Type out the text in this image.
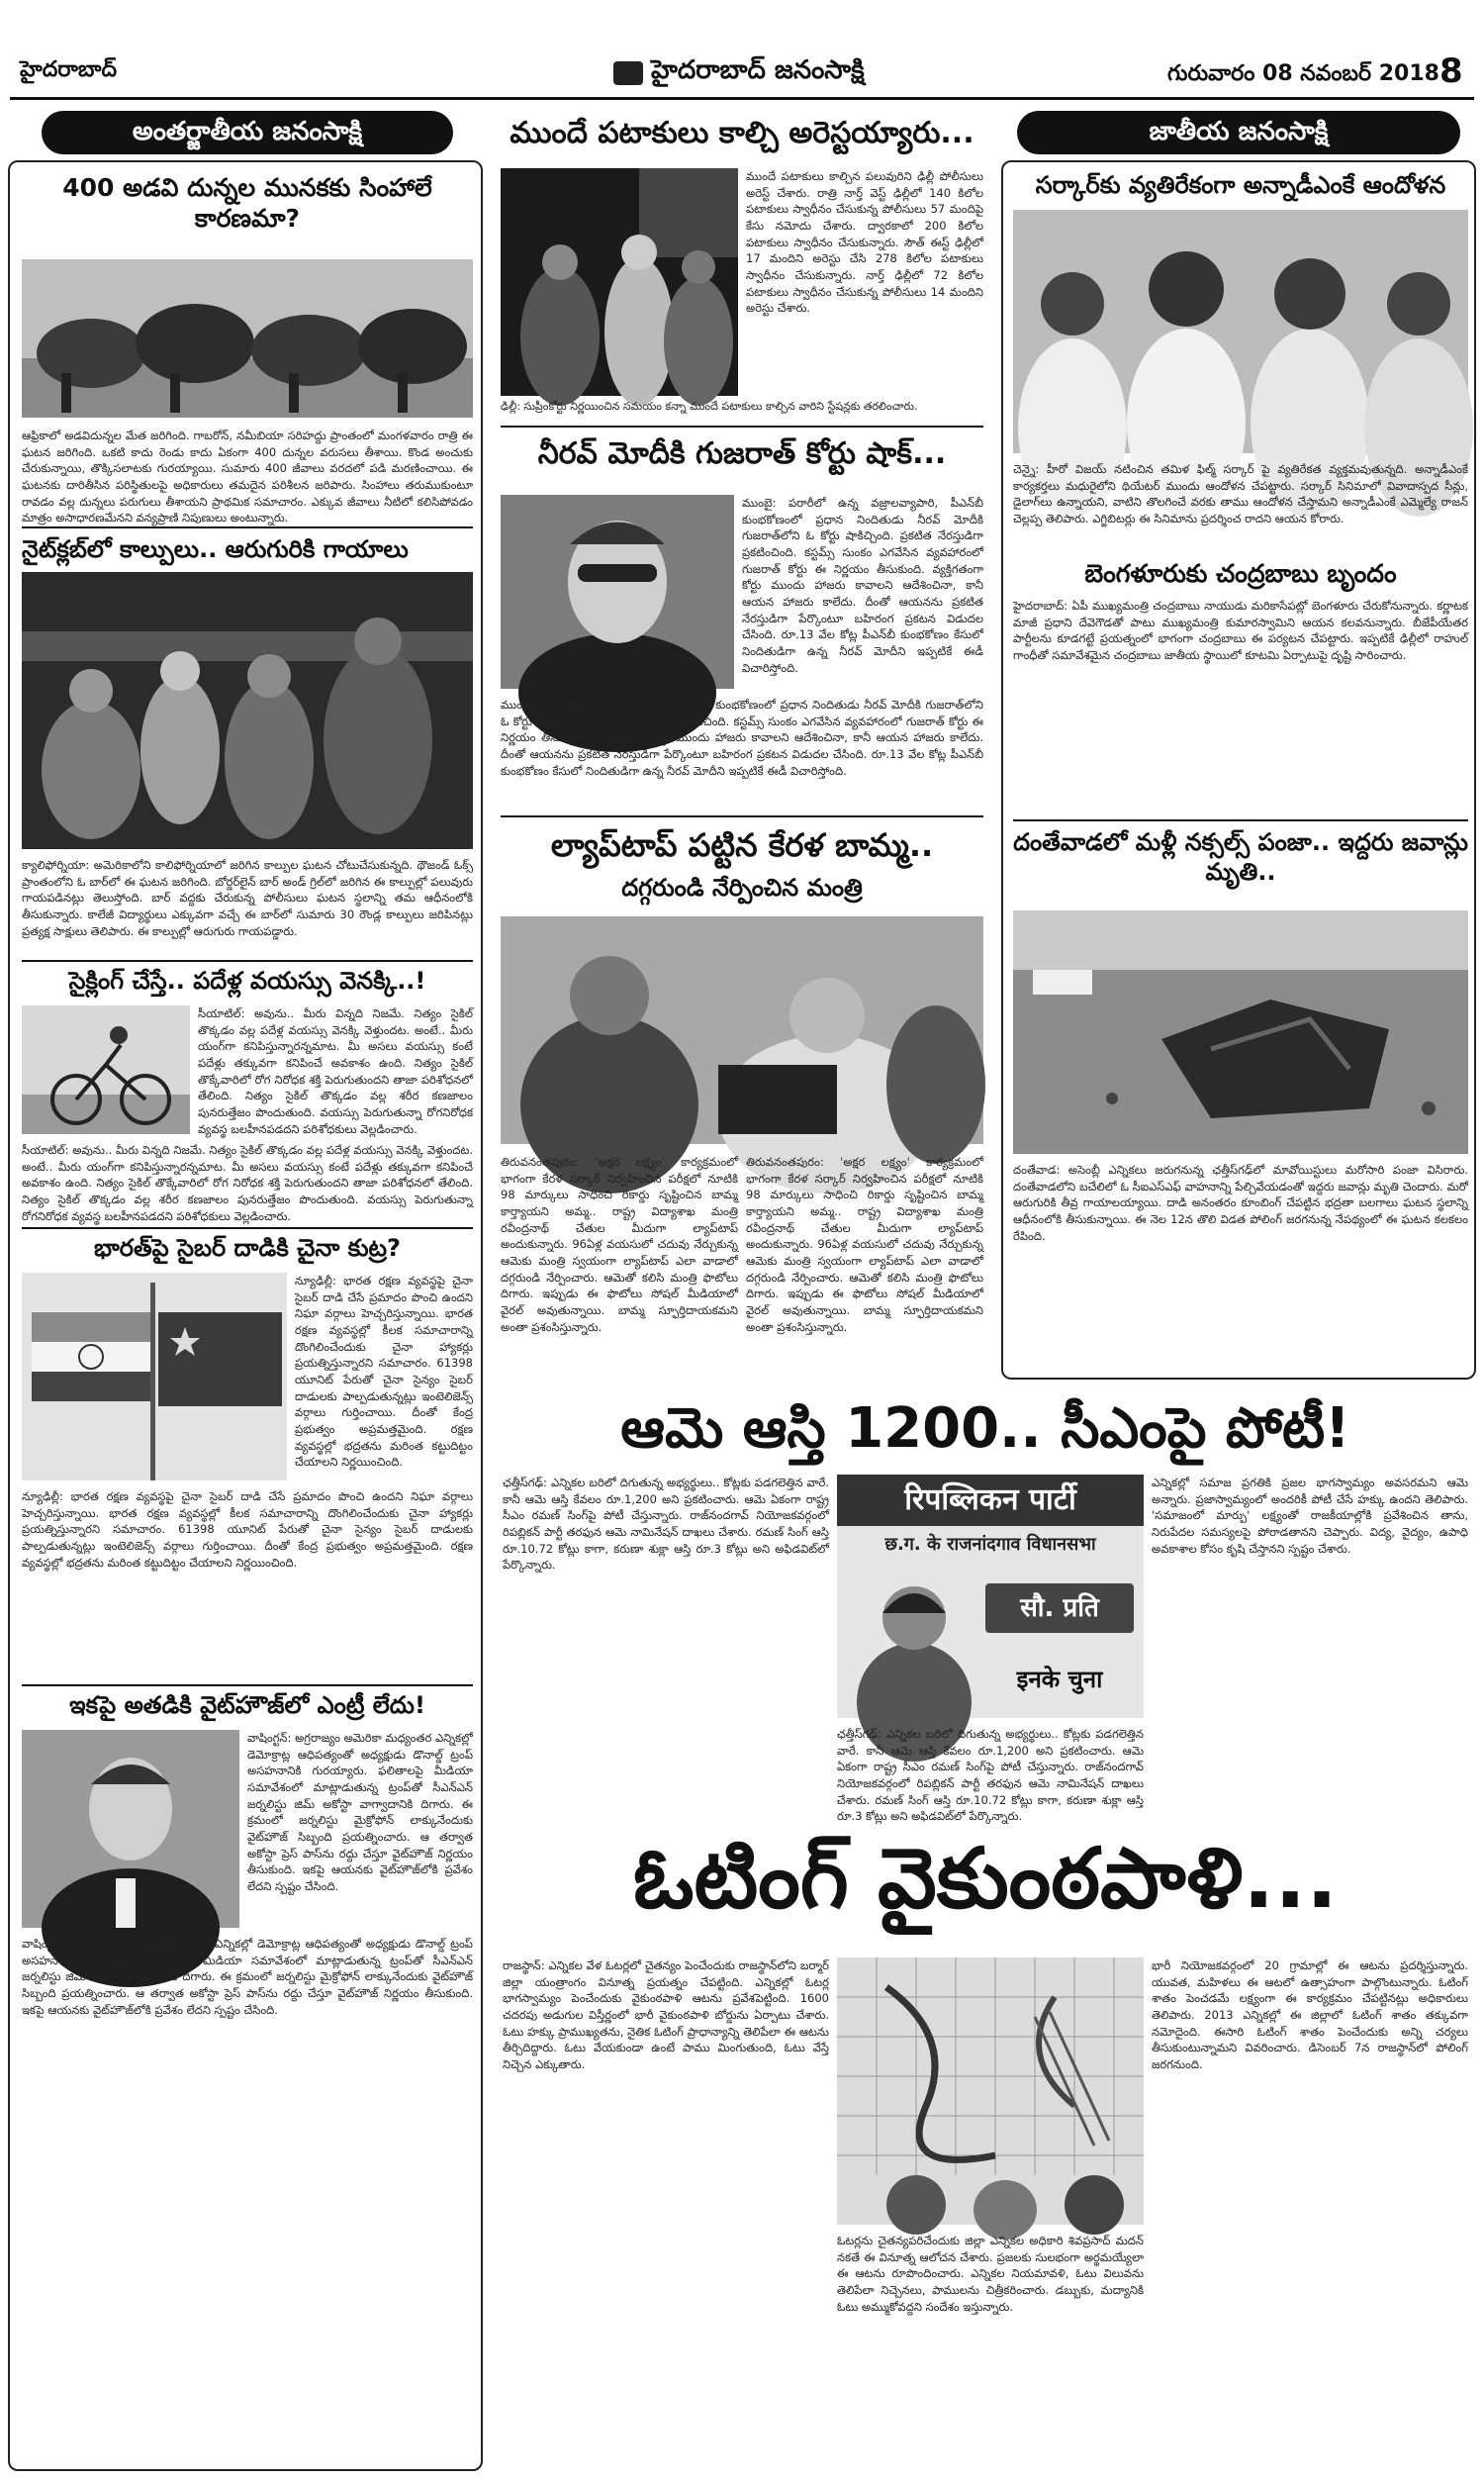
హైదరాబాద్	హైదరాబాద్ జనంసాక్షి	గురువారం 08 నవంబర్ 2018 8
అంతర్జాతీయ జనంసాక్షి
400 అడవి దున్నల మునకకు సింహాలే కారణమా?
ఆఫ్రికాలో అడవిదున్నల మేత జరిగింది. గాబరోన్, నమీబియా సరిహద్దు ప్రాంతంలో మంగళవారం రాత్రి ఈ ఘటన జరిగింది. ఒకటి కాదు రెండు కాదు ఏకంగా 400 దున్నల వరుసలు తీశాయి. కొండ అంచుకు చేరుకున్నాయి, తొక్కిసలాటకు గురయ్యాయి. సుమారు 400 జీవాలు వరదలో పడి మరణించాయి. ఈ ఘటనకు దారితీసిన పరిస్థితులపై అధికారులు తమదైన పరిశీలన జరిపారు. సింహాలు తరుముకుంటూ రావడం వల్ల దున్నలు పరుగులు తీశాయని ప్రాథమిక సమాచారం. ఎక్కువ జీవాలు నీటిలో కలిసిపోవడం మాత్రం అసాధారణమేనని వన్యప్రాణి నిపుణులు అంటున్నారు.
నైట్‌క్లబ్‌లో కాల్పులు.. ఆరుగురికి గాయాలు
క్యాలిఫోర్నియా: అమెరికాలోని కాలిఫోర్నియాలో జరిగిన కాల్పుల ఘటన చోటుచేసుకున్నది. థౌజండ్ ఓక్స్ ప్రాంతంలోని ఓ బార్‌లో ఈ ఘటన జరిగింది. బోర్డర్‌లైన్ బార్ అండ్ గ్రిల్‌లో జరిగిన ఈ కాల్పుల్లో పలువురు గాయపడినట్లు తెలుస్తోంది. బార్ వద్దకు చేరుకున్న పోలీసులు ఘటన స్థలాన్ని తమ ఆధీనంలోకి తీసుకున్నారు. కాలేజీ విద్యార్థులు ఎక్కువగా వచ్చే ఈ బార్‌లో సుమారు 30 రౌండ్ల కాల్పులు జరిపినట్లు ప్రత్యక్ష సాక్షులు తెలిపారు. ఈ కాల్పుల్లో ఆరుగురు గాయపడ్డారు.
సైక్లింగ్ చేస్తే.. పదేళ్ల వయస్సు వెనక్కి..!
సీయాటిల్: అవును.. మీరు విన్నది నిజమే. నిత్యం సైకిల్ తొక్కడం వల్ల పదేళ్ల వయస్సు వెనక్కి వెళ్తుందట. అంటే.. మీరు యంగ్‌గా కనిపిస్తున్నారన్నమాట. మీ అసలు వయస్సు కంటే పదేళ్లు తక్కువగా కనిపించే అవకాశం ఉంది. నిత్యం సైకిల్ తొక్కేవారిలో రోగ నిరోధక శక్తి పెరుగుతుందని తాజా పరిశోధనలో తేలింది. నిత్యం సైకిల్ తొక్కడం వల్ల శరీర కణజాలం పునరుత్తేజం పొందుతుంది. వయస్సు పెరుగుతున్నా రోగనిరోధక వ్యవస్థ బలహీనపడదని పరిశోధకులు వెల్లడించారు.
సీయాటిల్: అవును.. మీరు విన్నది నిజమే. నిత్యం సైకిల్ తొక్కడం వల్ల పదేళ్ల వయస్సు వెనక్కి వెళ్తుందట. అంటే.. మీరు యంగ్‌గా కనిపిస్తున్నారన్నమాట. మీ అసలు వయస్సు కంటే పదేళ్లు తక్కువగా కనిపించే అవకాశం ఉంది. నిత్యం సైకిల్ తొక్కేవారిలో రోగ నిరోధక శక్తి పెరుగుతుందని తాజా పరిశోధనలో తేలింది. నిత్యం సైకిల్ తొక్కడం వల్ల శరీర కణజాలం పునరుత్తేజం పొందుతుంది. వయస్సు పెరుగుతున్నా రోగనిరోధక వ్యవస్థ బలహీనపడదని పరిశోధకులు వెల్లడించారు.
భారత్‌పై సైబర్ దాడికి చైనా కుట్ర?
న్యూఢిల్లీ: భారత రక్షణ వ్యవస్థపై చైనా సైబర్ దాడి చేసే ప్రమాదం పొంచి ఉందని నిఘా వర్గాలు హెచ్చరిస్తున్నాయి. భారత రక్షణ వ్యవస్థల్లో కీలక సమాచారాన్ని దొంగిలించేందుకు చైనా హ్యాకర్లు ప్రయత్నిస్తున్నారని సమాచారం. 61398 యూనిట్ పేరుతో చైనా సైన్యం సైబర్ దాడులకు పాల్పడుతున్నట్లు ఇంటెలిజెన్స్ వర్గాలు గుర్తించాయి. దీంతో కేంద్ర ప్రభుత్వం అప్రమత్తమైంది. రక్షణ వ్యవస్థల్లో భద్రతను మరింత కట్టుదిట్టం చేయాలని నిర్ణయించింది.
న్యూఢిల్లీ: భారత రక్షణ వ్యవస్థపై చైనా సైబర్ దాడి చేసే ప్రమాదం పొంచి ఉందని నిఘా వర్గాలు హెచ్చరిస్తున్నాయి. భారత రక్షణ వ్యవస్థల్లో కీలక సమాచారాన్ని దొంగిలించేందుకు చైనా హ్యాకర్లు ప్రయత్నిస్తున్నారని సమాచారం. 61398 యూనిట్ పేరుతో చైనా సైన్యం సైబర్ దాడులకు పాల్పడుతున్నట్లు ఇంటెలిజెన్స్ వర్గాలు గుర్తించాయి. దీంతో కేంద్ర ప్రభుత్వం అప్రమత్తమైంది. రక్షణ వ్యవస్థల్లో భద్రతను మరింత కట్టుదిట్టం చేయాలని నిర్ణయించింది.
ఇకపై అతడికి వైట్‌హౌజ్‌లో ఎంట్రీ లేదు!
వాషింగ్టన్: అగ్రరాజ్యం అమెరికా మధ్యంతర ఎన్నికల్లో డెమోక్రాట్ల ఆధిపత్యంతో అధ్యక్షుడు డొనాల్డ్ ట్రంప్ అసహనానికి గురయ్యారు. ఫలితాలపై మీడియా సమావేశంలో మాట్లాడుతున్న ట్రంప్‌తో సీఎన్ఎన్ జర్నలిస్టు జిమ్ అకోస్టా వాగ్వాదానికి దిగారు. ఈ క్రమంలో జర్నలిస్టు మైక్రోఫోన్ లాక్కునేందుకు వైట్‌హౌజ్ సిబ్బంది ప్రయత్నించారు. ఆ తర్వాత అకోస్టా ప్రెస్ పాస్‌ను రద్దు చేస్తూ వైట్‌హౌజ్ నిర్ణయం తీసుకుంది. ఇకపై ఆయనకు వైట్‌హౌజ్‌లోకి ప్రవేశం లేదని స్పష్టం చేసింది.
వాషింగ్టన్: అగ్రరాజ్యం అమెరికా మధ్యంతర ఎన్నికల్లో డెమోక్రాట్ల ఆధిపత్యంతో అధ్యక్షుడు డొనాల్డ్ ట్రంప్ అసహనానికి గురయ్యారు. ఫలితాలపై మీడియా సమావేశంలో మాట్లాడుతున్న ట్రంప్‌తో సీఎన్ఎన్ జర్నలిస్టు జిమ్ అకోస్టా వాగ్వాదానికి దిగారు. ఈ క్రమంలో జర్నలిస్టు మైక్రోఫోన్ లాక్కునేందుకు వైట్‌హౌజ్ సిబ్బంది ప్రయత్నించారు. ఆ తర్వాత అకోస్టా ప్రెస్ పాస్‌ను రద్దు చేస్తూ వైట్‌హౌజ్ నిర్ణయం తీసుకుంది. ఇకపై ఆయనకు వైట్‌హౌజ్‌లోకి ప్రవేశం లేదని స్పష్టం చేసింది.
ముందే పటాకులు కాల్చి అరెస్టయ్యారు...
ముందే పటాకులు కాల్చిన పలువురిని ఢిల్లీ పోలీసులు అరెస్ట్ చేశారు. రాత్రి నార్త్ వెస్ట్ ఢిల్లీలో 140 కిలోల పటాకులు స్వాధీనం చేసుకున్న పోలీసులు 57 మందిపై కేసు నమోదు చేశారు. ద్వారకాలో 200 కిలోల పటాకులు స్వాధీనం చేసుకున్నారు. సౌత్ ఈస్ట్ ఢిల్లీలో 17 మందిని అరెస్టు చేసి 278 కిలోల పటాకులు స్వాధీనం చేసుకున్నారు. నార్త్ ఢిల్లీలో 72 కిలోల పటాకులు స్వాధీనం చేసుకున్న పోలీసులు 14 మందిని అరెస్టు చేశారు.
ఢిల్లీ: సుప్రీంకోర్టు నిర్ణయించిన సమయం కన్నా ముందే పటాకులు కాల్చిన వారిని స్టేషన్లకు తరలించారు.
నీరవ్ మోదీకి గుజరాత్ కోర్టు షాక్...
ముంబై: పరారీలో ఉన్న వజ్రాలవ్యాపారి, పీఎన్‌బీ కుంభకోణంలో ప్రధాన నిందితుడు నీరవ్ మోదీకి గుజరాత్‌లోని ఓ కోర్టు షాకిచ్చింది. ప్రకటిత నేరస్తుడిగా ప్రకటించింది. కస్టమ్స్ సుంకం ఎగవేసిన వ్యవహారంలో గుజరాత్ కోర్టు ఈ నిర్ణయం తీసుకుంది. వ్యక్తిగతంగా కోర్టు ముందు హాజరు కావాలని ఆదేశించినా, కానీ ఆయన హాజరు కాలేదు. దీంతో ఆయనను ప్రకటిత నేరస్తుడిగా పేర్కొంటూ బహిరంగ ప్రకటన విడుదల చేసింది. రూ.13 వేల కోట్ల పీఎన్‌బీ కుంభకోణం కేసులో నిందితుడిగా ఉన్న నీరవ్ మోదీని ఇప్పటికే ఈడీ విచారిస్తోంది.
ముంబై: పరారీలో ఉన్న వజ్రాలవ్యాపారి, పీఎన్‌బీ కుంభకోణంలో ప్రధాన నిందితుడు నీరవ్ మోదీకి గుజరాత్‌లోని ఓ కోర్టు షాకిచ్చింది. ప్రకటిత నేరస్తుడిగా ప్రకటించింది. కస్టమ్స్ సుంకం ఎగవేసిన వ్యవహారంలో గుజరాత్ కోర్టు ఈ నిర్ణయం తీసుకుంది. వ్యక్తిగతంగా కోర్టు ముందు హాజరు కావాలని ఆదేశించినా, కానీ ఆయన హాజరు కాలేదు. దీంతో ఆయనను ప్రకటిత నేరస్తుడిగా పేర్కొంటూ బహిరంగ ప్రకటన విడుదల చేసింది. రూ.13 వేల కోట్ల పీఎన్‌బీ కుంభకోణం కేసులో నిందితుడిగా ఉన్న నీరవ్ మోదీని ఇప్పటికే ఈడీ విచారిస్తోంది.
ల్యాప్‌టాప్ పట్టిన కేరళ బామ్మ..
దగ్గరుండి నేర్పించిన మంత్రి
తిరువనంతపురం: 'అక్షర లక్ష్యం' కార్యక్రమంలో భాగంగా కేరళ సర్కార్ నిర్వహించిన పరీక్షలో నూటికి 98 మార్కులు సాధించి రికార్డు సృష్టించిన బామ్మ కార్త్యాయని అమ్మ.. రాష్ట్ర విద్యాశాఖ మంత్రి రవీంద్రనాథ్ చేతుల మీదుగా ల్యాప్‌టాప్ అందుకున్నారు. 96ఏళ్ల వయసులో చదువు నేర్చుకున్న ఆమెకు మంత్రి స్వయంగా ల్యాప్‌టాప్ ఎలా వాడాలో దగ్గరుండి నేర్పించారు. ఆమెతో కలిసి మంత్రి ఫొటోలు దిగారు. ఇప్పుడు ఈ ఫొటోలు సోషల్ మీడియాలో వైరల్ అవుతున్నాయి. బామ్మ స్ఫూర్తిదాయకమని అంతా ప్రశంసిస్తున్నారు.
తిరువనంతపురం: 'అక్షర లక్ష్యం' కార్యక్రమంలో భాగంగా కేరళ సర్కార్ నిర్వహించిన పరీక్షలో నూటికి 98 మార్కులు సాధించి రికార్డు సృష్టించిన బామ్మ కార్త్యాయని అమ్మ.. రాష్ట్ర విద్యాశాఖ మంత్రి రవీంద్రనాథ్ చేతుల మీదుగా ల్యాప్‌టాప్ అందుకున్నారు. 96ఏళ్ల వయసులో చదువు నేర్చుకున్న ఆమెకు మంత్రి స్వయంగా ల్యాప్‌టాప్ ఎలా వాడాలో దగ్గరుండి నేర్పించారు. ఆమెతో కలిసి మంత్రి ఫొటోలు దిగారు. ఇప్పుడు ఈ ఫొటోలు సోషల్ మీడియాలో వైరల్ అవుతున్నాయి. బామ్మ స్ఫూర్తిదాయకమని అంతా ప్రశంసిస్తున్నారు.
జాతీయ జనంసాక్షి
సర్కార్‌కు వ్యతిరేకంగా అన్నాడీఎంకే ఆందోళన
చెన్నై: హీరో విజయ్ నటించిన తమిళ ఫిల్మ్ సర్కార్ పై వ్యతిరేకత వ్యక్తమవుతున్నది. అన్నాడీఎంకే కార్యకర్తలు మధురైలోని థియేటర్ ముందు ఆందోళన చేపట్టారు. సర్కార్ సినిమాలో వివాదాస్పద సీన్లు, డైలాగ్‌లు ఉన్నాయని, వాటిని తొలగించే వరకు తాము ఆందోళన చేస్తామని అన్నాడీఎంకే ఎమ్మెల్యే రాజన్ చెల్లప్ప తెలిపారు. ఎగ్జిబిటర్లు ఈ సినిమాను ప్రదర్శించ రాదని ఆయన కోరారు.
బెంగళూరుకు చంద్రబాబు బృందం
హైదరాబాద్: ఏపీ ముఖ్యమంత్రి చంద్రబాబు నాయుడు మరికాసేపట్లో బెంగళూరు చేరుకోనున్నారు. కర్ణాటక మాజీ ప్రధాని దేవెగౌడతో పాటు ముఖ్యమంత్రి కుమారస్వామిని ఆయన కలవనున్నారు. బీజేపీయేతర పార్టీలను కూడగట్టే ప్రయత్నంలో భాగంగా చంద్రబాబు ఈ పర్యటన చేపట్టారు. ఇప్పటికే ఢిల్లీలో రాహుల్ గాంధీతో సమావేశమైన చంద్రబాబు జాతీయ స్థాయిలో కూటమి ఏర్పాటుపై దృష్టి సారించారు.
దంతేవాడలో మళ్లీ నక్సల్స్ పంజా.. ఇద్దరు జవాన్లు మృతి..
దంతేవాడ: అసెంబ్లీ ఎన్నికలు జరుగనున్న ఛత్తీస్‌గఢ్‌లో మావోయిస్టులు మరోసారి పంజా విసిరారు. దంతేవాడలోని బచేలిలో ఓ సీఐఎస్ఎఫ్ వాహనాన్ని పేల్చివేయడంతో ఇద్దరు జవాన్లు మృతి చెందారు. మరో ఆరుగురికి తీవ్ర గాయాలయ్యాయి. దాడి అనంతరం కూంబింగ్ చేపట్టిన భద్రతా బలగాలు ఘటన స్థలాన్ని ఆధీనంలోకి తీసుకున్నాయి. ఈ నెల 12న తొలి విడత పోలింగ్ జరగనున్న నేపథ్యంలో ఈ ఘటన కలకలం రేపింది.
ఆమె ఆస్తి 1200.. సీఎంపై పోటీ!
ఛత్తీస్‌గఢ్‌: ఎన్నికల బరిలో దిగుతున్న అభ్యర్థులు.. కోట్లకు పడగలెత్తిన వారే. కానీ ఆమె ఆస్తి కేవలం రూ.1,200 అని ప్రకటించారు. ఆమె ఏకంగా రాష్ట్ర సీఎం రమణ్ సింగ్‌పై పోటీ చేస్తున్నారు. రాజ్‌నందగావ్ నియోజకవర్గంలో రిపబ్లికన్ పార్టీ తరఫున ఆమె నామినేషన్ దాఖలు చేశారు. రమణ్ సింగ్ ఆస్తి రూ.10.72 కోట్లు కాగా, కరుణా శుక్లా ఆస్తి రూ.3 కోట్లు అని అఫిడవిట్‌లో పేర్కొన్నారు.
रिपब्लिकन पार्टी
छ.ग. के राजनांदगाव विधानसभा
सौ. प्रति
इनके चुना
ఛత్తీస్‌గఢ్‌: ఎన్నికల బరిలో దిగుతున్న అభ్యర్థులు.. కోట్లకు పడగలెత్తిన వారే. కానీ ఆమె ఆస్తి కేవలం రూ.1,200 అని ప్రకటించారు. ఆమె ఏకంగా రాష్ట్ర సీఎం రమణ్ సింగ్‌పై పోటీ చేస్తున్నారు. రాజ్‌నందగావ్ నియోజకవర్గంలో రిపబ్లికన్ పార్టీ తరఫున ఆమె నామినేషన్ దాఖలు చేశారు. రమణ్ సింగ్ ఆస్తి రూ.10.72 కోట్లు కాగా, కరుణా శుక్లా ఆస్తి రూ.3 కోట్లు అని అఫిడవిట్‌లో పేర్కొన్నారు.
ఎన్నికల్లో సమాజ ప్రగతికి ప్రజల భాగస్వామ్యం అవసరమని ఆమె అన్నారు. ప్రజాస్వామ్యంలో అందరికీ పోటీ చేసే హక్కు ఉందని తెలిపారు. 'సమాజంలో మార్పు' లక్ష్యంతో రాజకీయాల్లోకి ప్రవేశించిన తాను, నిరుపేదల సమస్యలపై పోరాడతానని చెప్పారు. విద్య, వైద్యం, ఉపాధి అవకాశాల కోసం కృషి చేస్తానని స్పష్టం చేశారు.
ఓటింగ్ వైకుంఠపాళి...
రాజస్థాన్: ఎన్నికల వేళ ఓటర్లలో చైతన్యం పెంచేందుకు రాజస్థాన్‌లోని బర్మార్ జిల్లా యంత్రాంగం వినూత్న ప్రయత్నం చేపట్టింది. ఎన్నికల్లో ఓటర్ల భాగస్వామ్యం పెంచేందుకు వైకుంఠపాళి ఆటను ప్రవేశపెట్టింది. 1600 చదరపు అడుగుల విస్తీర్ణంలో భారీ వైకుంఠపాళి బోర్డును ఏర్పాటు చేశారు. ఓటు హక్కు ప్రాముఖ్యతను, నైతిక ఓటింగ్ ప్రాధాన్యాన్ని తెలిపేలా ఈ ఆటను తీర్చిదిద్దారు. ఓటు వేయకుండా ఉంటే పాము మింగుతుంది, ఓటు వేస్తే నిచ్చెన ఎక్కుతారు.
ఓటర్లను చైతన్యపరిచేందుకు జిల్లా ఎన్నికల అధికారి శివప్రసాద్ మదన్ నకతే ఈ వినూత్న ఆలోచన చేశారు. ప్రజలకు సులభంగా అర్థమయ్యేలా ఈ ఆటను రూపొందించారు. ఎన్నికల నియమావళి, ఓటు విలువను తెలిపేలా నిచ్చెనలు, పాములను చిత్రీకరించారు. డబ్బుకు, మద్యానికి ఓటు అమ్ముకోవద్దని సందేశం ఇస్తున్నారు.
భారీ నియోజకవర్గంలో 20 గ్రామాల్లో ఈ ఆటను ప్రదర్శిస్తున్నారు. యువత, మహిళలు ఈ ఆటలో ఉత్సాహంగా పాల్గొంటున్నారు. ఓటింగ్ శాతం పెంచడమే లక్ష్యంగా ఈ కార్యక్రమం చేపట్టినట్లు అధికారులు తెలిపారు. 2013 ఎన్నికల్లో ఈ జిల్లాలో ఓటింగ్ శాతం తక్కువగా నమోదైంది. ఈసారి ఓటింగ్ శాతం పెంచేందుకు అన్ని చర్యలు తీసుకుంటున్నామని వివరించారు. డిసెంబర్ 7న రాజస్థాన్‌లో పోలింగ్ జరగనుంది.
